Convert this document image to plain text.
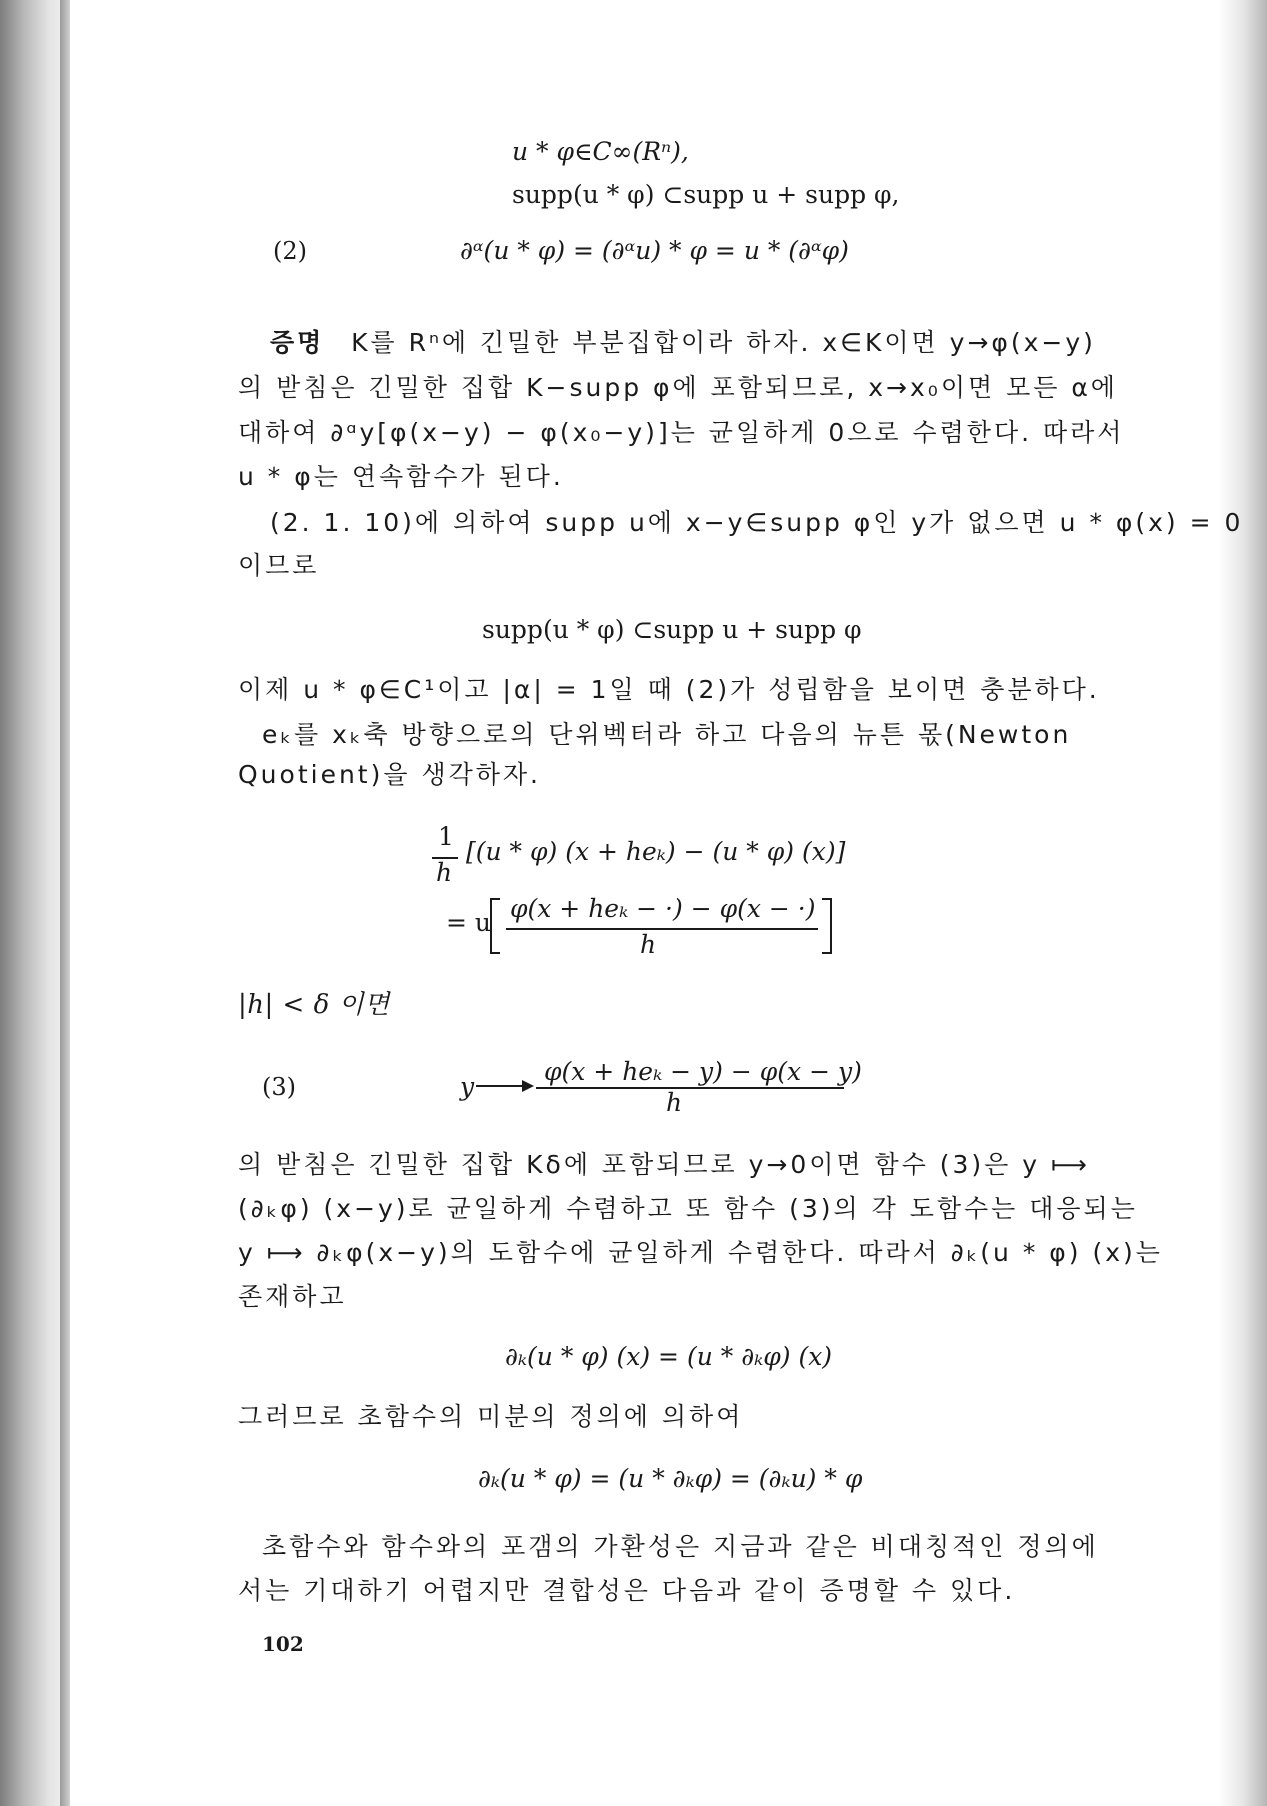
u * φ∈C∞(Rⁿ),
supp(u * φ) ⊂supp u + supp φ,
(2)	∂ᵅ(u * φ) = (∂ᵅu) * φ = u * (∂ᵅφ)
증명 K를 Rⁿ에 긴밀한 부분집합이라 하자. x∈K이면 y→φ(x−y)
의 받침은 긴밀한 집합 K−supp φ에 포함되므로, x→x₀이면 모든 α에
대하여 ∂ᵅy[φ(x−y) − φ(x₀−y)]는 균일하게 0으로 수렴한다. 따라서
u * φ는 연속함수가 된다.
(2. 1. 10)에 의하여 supp u에 x−y∈supp φ인 y가 없으면 u * φ(x) = 0
이므로
supp(u * φ) ⊂supp u + supp φ
이제 u * φ∈C¹이고 |α| = 1일 때 (2)가 성립함을 보이면 충분하다.
eₖ를 xₖ축 방향으로의 단위벡터라 하고 다음의 뉴튼 몫(Newton
Quotient)을 생각하자.
1
h
[(u * φ) (x + heₖ) − (u * φ) (x)]
= u φ(x + heₖ − ·) − φ(x − ·)
h
|h| < δ 이면
(3)	y
φ(x + heₖ − y) − φ(x − y)
h
의 받침은 긴밀한 집합 Kδ에 포함되므로 y→0이면 함수 (3)은 y ⟼
(∂ₖφ) (x−y)로 균일하게 수렴하고 또 함수 (3)의 각 도함수는 대응되는
y ⟼ ∂ₖφ(x−y)의 도함수에 균일하게 수렴한다. 따라서 ∂ₖ(u * φ) (x)는
존재하고
∂ₖ(u * φ) (x) = (u * ∂ₖφ) (x)
그러므로 초함수의 미분의 정의에 의하여
∂ₖ(u * φ) = (u * ∂ₖφ) = (∂ₖu) * φ
초함수와 함수와의 포갬의 가환성은 지금과 같은 비대칭적인 정의에
서는 기대하기 어렵지만 결합성은 다음과 같이 증명할 수 있다.
102
